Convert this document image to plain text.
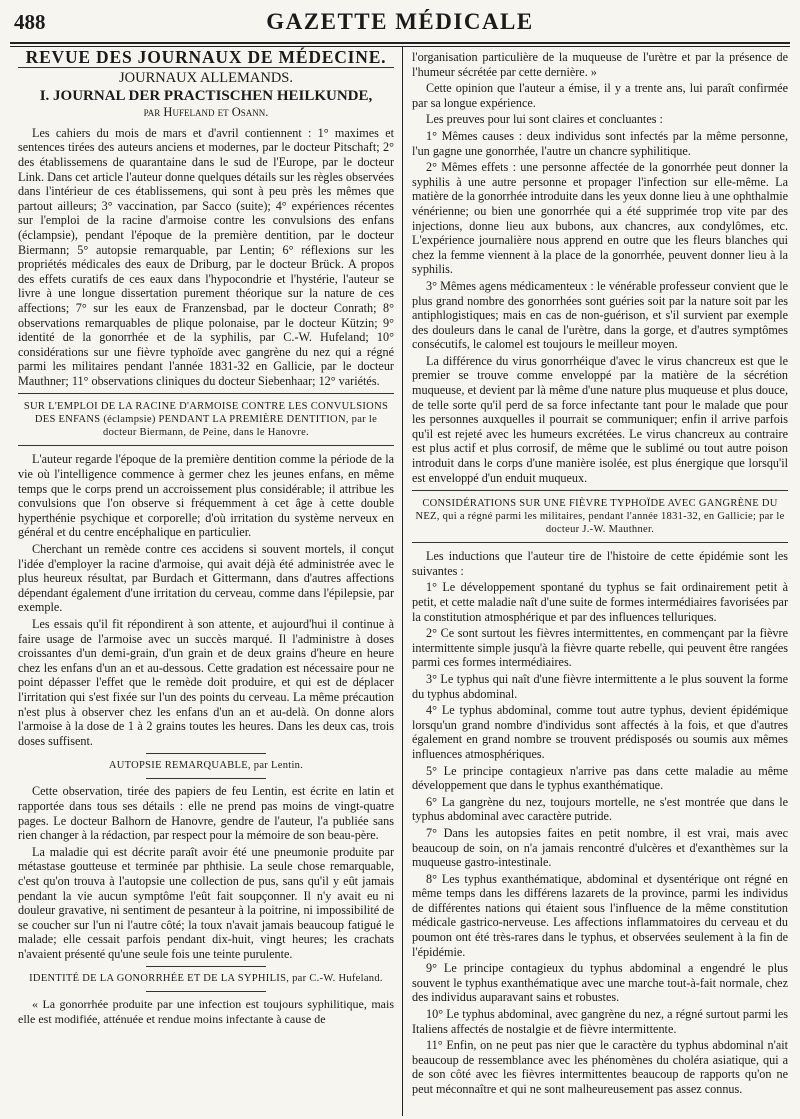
488	GAZETTE MÉDICALE
REVUE DES JOURNAUX DE MÉDECINE.
JOURNAUX ALLEMANDS.
I. JOURNAL DER PRACTISCHEN HEILKUNDE,
par Hufeland et Osann.

Les cahiers du mois de mars et d'avril contiennent : 1° maximes et sentences tirées des auteurs anciens et modernes, par le docteur Pitschaft; 2° des établissemens de quarantaine dans le sud de l'Europe, par le docteur Link. Dans cet article l'auteur donne quelques détails sur les règles observées dans l'intérieur de ces établissemens, qui sont à peu près les mêmes que partout ailleurs; 3° vaccination, par Sacco (suite); 4° expériences récentes sur l'emploi de la racine d'armoise contre les convulsions des enfans (éclampsie), pendant l'époque de la première dentition, par le docteur Biermann; 5° autopsie remarquable, par Lentin; 6° réflexions sur les propriétés médicales des eaux de Driburg, par le docteur Brück. A propos des effets curatifs de ces eaux dans l'hypocondrie et l'hystérie, l'auteur se livre à une longue dissertation purement théorique sur la nature de ces affections; 7° sur les eaux de Franzensbad, par le docteur Conrath; 8° observations remarquables de plique polonaise, par le docteur Kützin; 9° identité de la gonorrhée et de la syphilis, par C.-W. Hufeland; 10° considérations sur une fièvre typhoïde avec gangrène du nez qui a régné parmi les militaires pendant l'année 1831-32 en Gallicie, par le docteur Mauthner; 11° observations cliniques du docteur Siebenhaar; 12° variétés.

SUR L'EMPLOI DE LA RACINE D'ARMOISE CONTRE LES CONVULSIONS DES ENFANS (éclampsie) PENDANT LA PREMIÈRE DENTITION, par le docteur Biermann, de Peine, dans le Hanovre.

L'auteur regarde l'époque de la première dentition comme la période de la vie où l'intelligence commence à germer chez les jeunes enfans, en même temps que le corps prend un accroissement plus considérable; il attribue les convulsions que l'on observe si fréquemment à cet âge à cette double hyperthénie psychique et corporelle; d'où irritation du système nerveux en général et du centre encéphalique en particulier.

Cherchant un remède contre ces accidens si souvent mortels, il conçut l'idée d'employer la racine d'armoise, qui avait déjà été administrée avec le plus heureux résultat, par Burdach et Gittermann, dans d'autres affections dépendant également d'une irritation du cerveau, comme dans l'épilepsie, par exemple.

Les essais qu'il fit répondirent à son attente, et aujourd'hui il continue à faire usage de l'armoise avec un succès marqué. Il l'administre à doses croissantes d'un demi-grain, d'un grain et de deux grains d'heure en heure chez les enfans d'un an et au-dessous. Cette gradation est nécessaire pour ne point dépasser l'effet que le remède doit produire, et qui est de déplacer l'irritation qui s'est fixée sur l'un des points du cerveau. La même précaution n'est plus à observer chez les enfans d'un an et au-delà. On donne alors l'armoise à la dose de 1 à 2 grains toutes les heures. Dans les deux cas, trois doses suffisent.

AUTOPSIE REMARQUABLE, par Lentin.

Cette observation, tirée des papiers de feu Lentin, est écrite en latin et rapportée dans tous ses détails : elle ne prend pas moins de vingt-quatre pages. Le docteur Balhorn de Hanovre, gendre de l'auteur, l'a publiée sans rien changer à la rédaction, par respect pour la mémoire de son beau-père.

La maladie qui est décrite paraît avoir été une pneumonie produite par métastase goutteuse et terminée par phthisie. La seule chose remarquable, c'est qu'on trouva à l'autopsie une collection de pus, sans qu'il y eût jamais pendant la vie aucun symptôme l'eût fait soupçonner. Il n'y avait eu ni douleur gravative, ni sentiment de pesanteur à la poitrine, ni impossibilité de se coucher sur l'un ni l'autre côté; la toux n'avait jamais beaucoup fatigué le malade; elle cessait parfois pendant dix-huit, vingt heures; les crachats n'avaient présenté qu'une seule fois une teinte purulente.

IDENTITÉ DE LA GONORRHÉE ET DE LA SYPHILIS, par C.-W. Hufeland.

« La gonorrhée produite par une infection est toujours syphilitique, mais elle est modifiée, atténuée et rendue moins infectante à cause de

l'organisation particulière de la muqueuse de l'urètre et par la présence de l'humeur sécrétée par cette dernière. »

Cette opinion que l'auteur a émise, il y a trente ans, lui paraît confirmée par sa longue expérience.

Les preuves pour lui sont claires et concluantes :

1° Mêmes causes : deux individus sont infectés par la même personne, l'un gagne une gonorrhée, l'autre un chancre syphilitique.

2° Mêmes effets : une personne affectée de la gonorrhée peut donner la syphilis à une autre personne et propager l'infection sur elle-même. La matière de la gonorrhée introduite dans les yeux donne lieu à une ophthalmie vénérienne; ou bien une gonorrhée qui a été supprimée trop vite par des injections, donne lieu aux bubons, aux chancres, aux condylômes, etc. L'expérience journalière nous apprend en outre que les fleurs blanches qui chez la femme viennent à la place de la gonorrhée, peuvent donner lieu à la syphilis.

3° Mêmes agens médicamenteux : le vénérable professeur convient que le plus grand nombre des gonorrhées sont guéries soit par la nature soit par les antiphlogistiques; mais en cas de non-guérison, et s'il survient par exemple des douleurs dans le canal de l'urètre, dans la gorge, et d'autres symptômes consécutifs, le calomel est toujours le meilleur moyen.

La différence du virus gonorrhéique d'avec le virus chancreux est que le premier se trouve comme enveloppé par la matière de la sécrétion muqueuse, et devient par là même d'une nature plus muqueuse et plus douce, de telle sorte qu'il perd de sa force infectante tant pour le malade que pour les personnes auxquelles il pourrait se communiquer; enfin il arrive parfois qu'il est rejeté avec les humeurs excrétées. Le virus chancreux au contraire est plus actif et plus corrosif, de même que le sublimé ou tout autre poison introduit dans le corps d'une manière isolée, est plus énergique que lorsqu'il est enveloppé d'un enduit muqueux.

CONSIDÉRATIONS SUR UNE FIÈVRE TYPHOÏDE AVEC GANGRÈNE DU NEZ, qui a régné parmi les militaires, pendant l'année 1831-32, en Gallicie; par le docteur J.-W. Mauthner.

Les inductions que l'auteur tire de l'histoire de cette épidémie sont les suivantes :

1° Le développement spontané du typhus se fait ordinairement petit à petit, et cette maladie naît d'une suite de formes intermédiaires favorisées par la constitution atmosphérique et par des influences telluriques.

2° Ce sont surtout les fièvres intermittentes, en commençant par la fièvre intermittente simple jusqu'à la fièvre quarte rebelle, qui peuvent être rangées parmi ces formes intermédiaires.

3° Le typhus qui naît d'une fièvre intermittente a le plus souvent la forme du typhus abdominal.

4° Le typhus abdominal, comme tout autre typhus, devient épidémique lorsqu'un grand nombre d'individus sont affectés à la fois, et que d'autres également en grand nombre se trouvent prédisposés ou soumis aux mêmes influences atmosphériques.

5° Le principe contagieux n'arrive pas dans cette maladie au même développement que dans le typhus exanthématique.

6° La gangrène du nez, toujours mortelle, ne s'est montrée que dans le typhus abdominal avec caractère putride.

7° Dans les autopsies faites en petit nombre, il est vrai, mais avec beaucoup de soin, on n'a jamais rencontré d'ulcères et d'exanthèmes sur la muqueuse gastro-intestinale.

8° Les typhus exanthématique, abdominal et dysentérique ont régné en même temps dans les différens lazarets de la province, parmi les individus de différentes nations qui étaient sous l'influence de la même constitution médicale gastrico-nerveuse. Les affections inflammatoires du cerveau et du poumon ont été très-rares dans le typhus, et observées seulement à la fin de l'épidémie.

9° Le principe contagieux du typhus abdominal a engendré le plus souvent le typhus exanthématique avec une marche tout-à-fait normale, chez des individus auparavant sains et robustes.

10° Le typhus abdominal, avec gangrène du nez, a régné surtout parmi les Italiens affectés de nostalgie et de fièvre intermittente.

11° Enfin, on ne peut pas nier que le caractère du typhus abdominal n'ait beaucoup de ressemblance avec les phénomènes du choléra asiatique, qui a de son côté avec les fièvres intermittentes beaucoup de rapports qu'on ne peut méconnaître et qui ne sont malheureusement pas assez connus.
